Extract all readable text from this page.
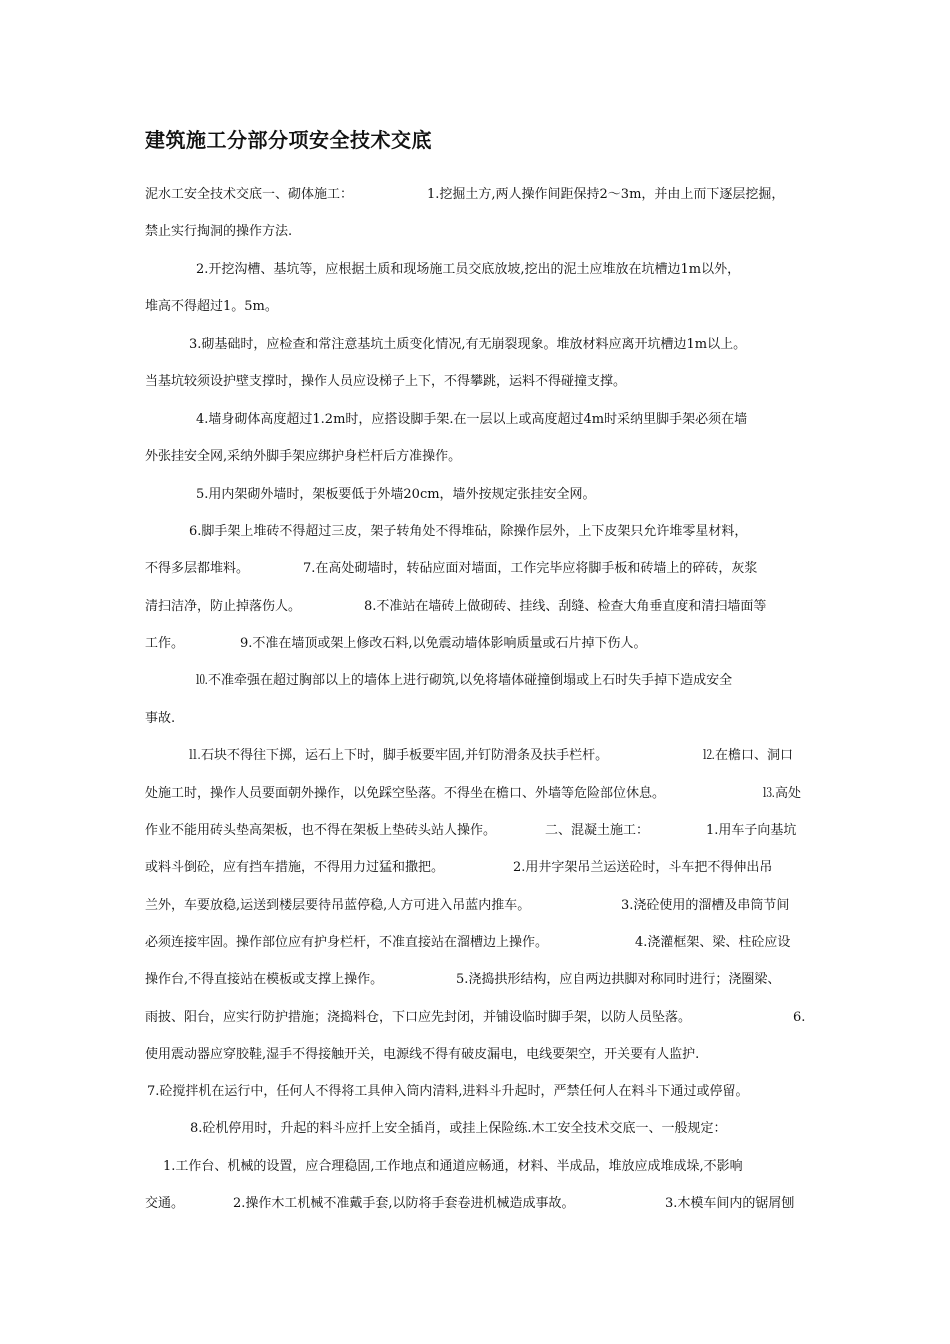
建筑施工分部分项安全技术交底
泥水工安全技术交底一、砌体施工：	1.挖掘土方,两人操作间距保持2～3m，并由上而下逐层挖掘，
禁止实行掏洞的操作方法.
2.开挖沟槽、基坑等，应根据土质和现场施工员交底放坡,挖出的泥土应堆放在坑槽边1m以外，
堆高不得超过1。5m。
3.砌基础时，应检查和常注意基坑土质变化情况,有无崩裂现象。堆放材料应离开坑槽边1m以上。
当基坑较须设护壁支撑时，操作人员应设梯子上下，不得攀跳，运料不得碰撞支撑。
4.墙身砌体高度超过1.2m时，应搭设脚手架.在一层以上或高度超过4m时采纳里脚手架必须在墙
外张挂安全网,采纳外脚手架应绑护身栏杆后方准操作。
5.用内架砌外墙时，架板要低于外墙20cm，墙外按规定张挂安全网。
6.脚手架上堆砖不得超过三皮，架子转角处不得堆砧，除操作层外，上下皮架只允许堆零星材料，
不得多层都堆料。	7.在高处砌墙时，转砧应面对墙面，工作完毕应将脚手板和砖墙上的碎砖，灰浆
清扫洁净，防止掉落伤人。	8.不准站在墙砖上做砌砖、挂线、刮缝、检查大角垂直度和清扫墙面等
工作。	9.不准在墙顶或架上修改石料,以免震动墙体影响质量或石片掉下伤人。
⒑不准牵强在超过胸部以上的墙体上进行砌筑,以免将墙体碰撞倒塌或上石时失手掉下造成安全
事故.
⒒石块不得往下掷，运石上下时，脚手板要牢固,并钉防滑条及扶手栏杆。	⒓在檐口、洞口
处施工时，操作人员要面朝外操作，以免踩空坠落。不得坐在檐口、外墙等危险部位休息。	⒔高处
作业不能用砖头垫高架板，也不得在架板上垫砖头站人操作。	二、混凝土施工：	1.用车子向基坑
或料斗倒砼，应有挡车措施，不得用力过猛和撒把。	2.用井字架吊兰运送砼时，斗车把不得伸出吊
兰外，车要放稳,运送到楼层要待吊蓝停稳,人方可进入吊蓝内推车。	3.浇砼使用的溜槽及串筒节间
必须连接牢固。操作部位应有护身栏杆，不准直接站在溜槽边上操作。	4.浇灌框架、梁、柱砼应设
操作台,不得直接站在模板或支撑上操作。	5.浇捣拱形结构，应自两边拱脚对称同时进行；浇圈梁、
雨披、阳台，应实行防护措施；浇捣料仓，下口应先封闭，并铺设临时脚手架，以防人员坠落。	6.
使用震动器应穿胶鞋,湿手不得接触开关，电源线不得有破皮漏电，电线要架空，开关要有人监护.
7.砼搅拌机在运行中，任何人不得将工具伸入筒内清料,进料斗升起时，严禁任何人在料斗下通过或停留。
8.砼机停用时，升起的料斗应扦上安全插肖，或挂上保险练.木工安全技术交底一、一般规定：
1.工作台、机械的设置，应合理稳固,工作地点和通道应畅通，材料、半成品，堆放应成堆成垛,不影响
交通。	2.操作木工机械不准戴手套,以防将手套卷进机械造成事故。	3.木模车间内的锯屑刨
